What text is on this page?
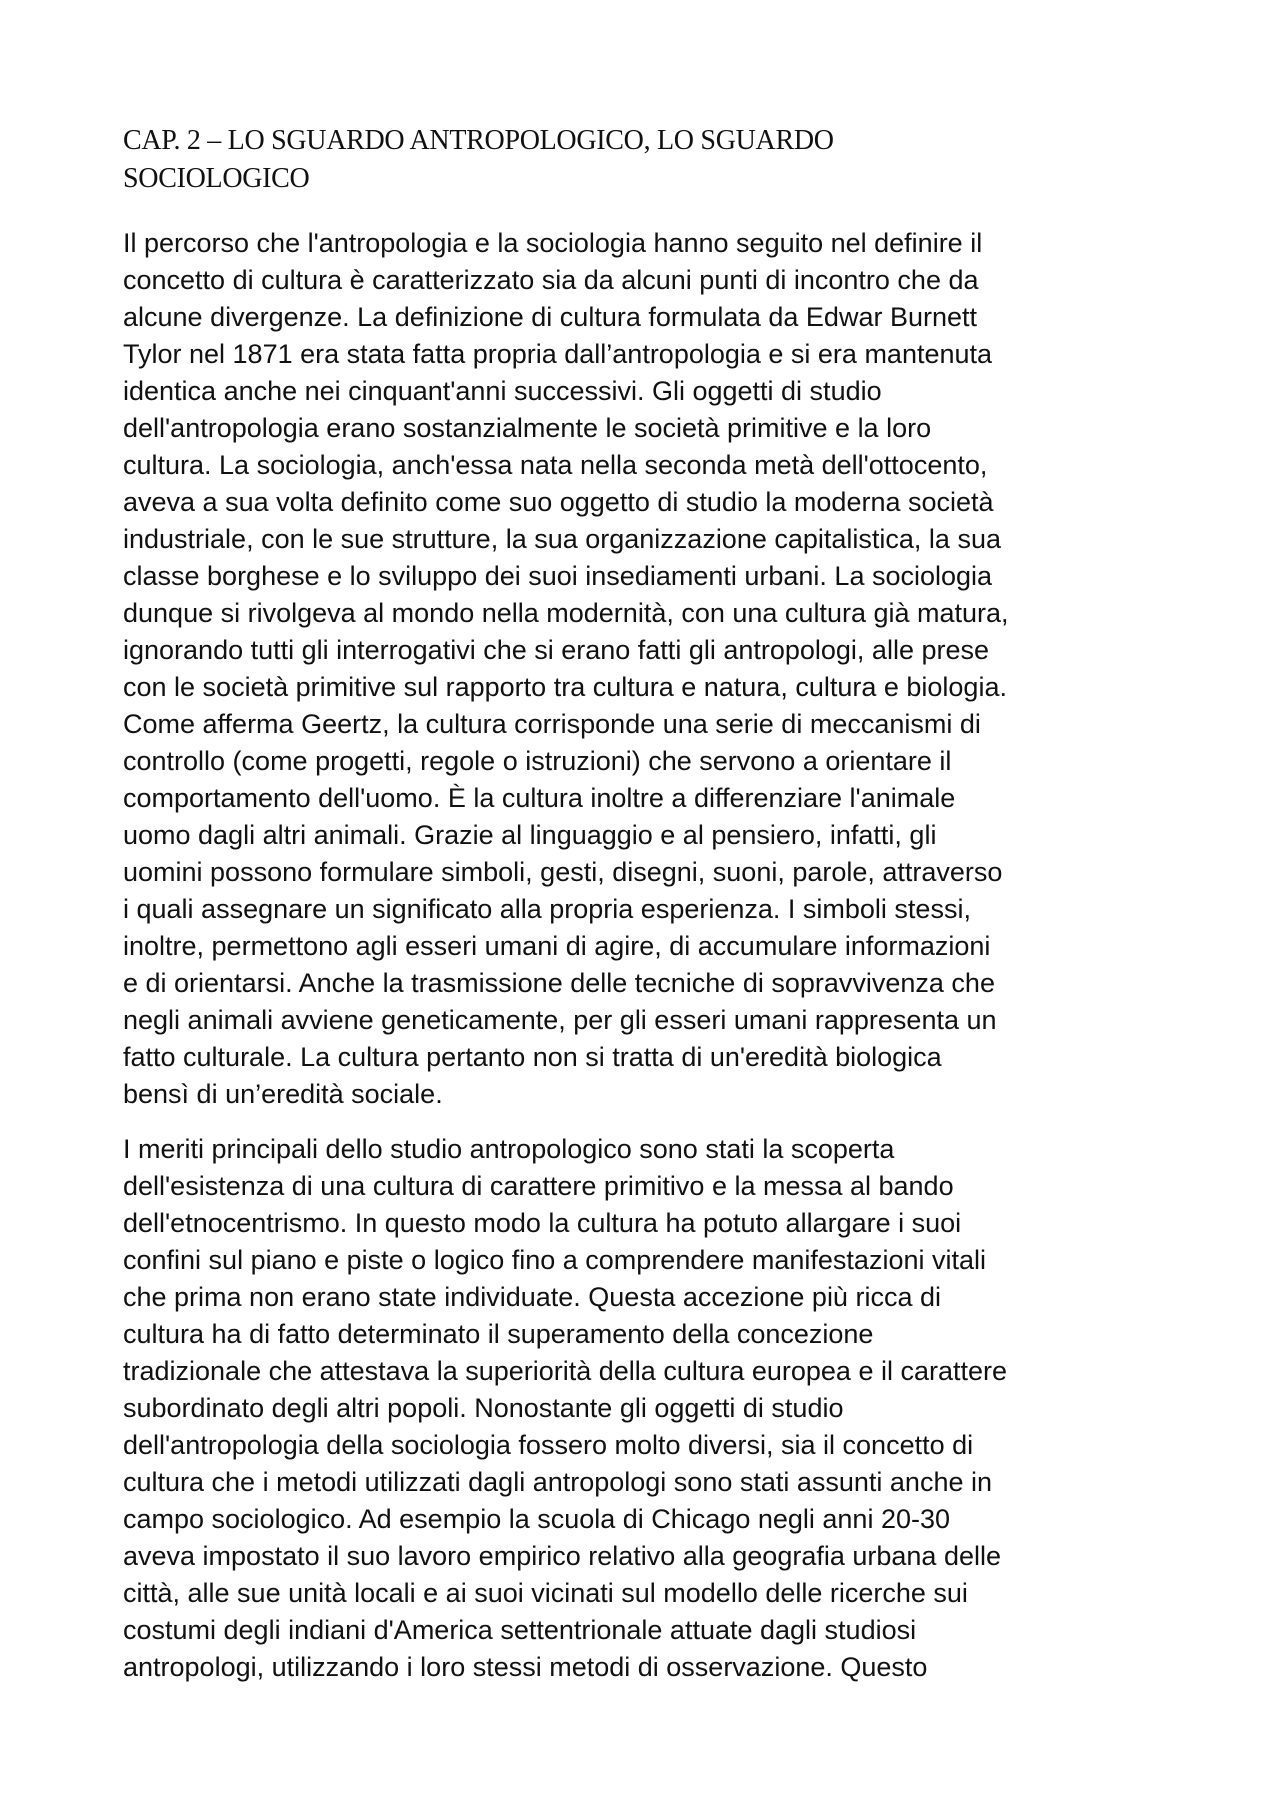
CAP. 2 – LO SGUARDO ANTROPOLOGICO, LO SGUARDO
SOCIOLOGICO

Il percorso che l'antropologia e la sociologia hanno seguito nel definire il
concetto di cultura è caratterizzato sia da alcuni punti di incontro che da
alcune divergenze. La definizione di cultura formulata da Edwar Burnett
Tylor nel 1871 era stata fatta propria dall’antropologia e si era mantenuta
identica anche nei cinquant'anni successivi. Gli oggetti di studio
dell'antropologia erano sostanzialmente le società primitive e la loro
cultura. La sociologia, anch'essa nata nella seconda metà dell'ottocento,
aveva a sua volta definito come suo oggetto di studio la moderna società
industriale, con le sue strutture, la sua organizzazione capitalistica, la sua
classe borghese e lo sviluppo dei suoi insediamenti urbani. La sociologia
dunque si rivolgeva al mondo nella modernità, con una cultura già matura,
ignorando tutti gli interrogativi che si erano fatti gli antropologi, alle prese
con le società primitive sul rapporto tra cultura e natura, cultura e biologia.
Come afferma Geertz, la cultura corrisponde una serie di meccanismi di
controllo (come progetti, regole o istruzioni) che servono a orientare il
comportamento dell'uomo. È la cultura inoltre a differenziare l'animale
uomo dagli altri animali. Grazie al linguaggio e al pensiero, infatti, gli
uomini possono formulare simboli, gesti, disegni, suoni, parole, attraverso
i quali assegnare un significato alla propria esperienza. I simboli stessi,
inoltre, permettono agli esseri umani di agire, di accumulare informazioni
e di orientarsi. Anche la trasmissione delle tecniche di sopravvivenza che
negli animali avviene geneticamente, per gli esseri umani rappresenta un
fatto culturale. La cultura pertanto non si tratta di un'eredità biologica
bensì di un’eredità sociale.

I meriti principali dello studio antropologico sono stati la scoperta
dell'esistenza di una cultura di carattere primitivo e la messa al bando
dell'etnocentrismo. In questo modo la cultura ha potuto allargare i suoi
confini sul piano e piste o logico fino a comprendere manifestazioni vitali
che prima non erano state individuate. Questa accezione più ricca di
cultura ha di fatto determinato il superamento della concezione
tradizionale che attestava la superiorità della cultura europea e il carattere
subordinato degli altri popoli. Nonostante gli oggetti di studio
dell'antropologia della sociologia fossero molto diversi, sia il concetto di
cultura che i metodi utilizzati dagli antropologi sono stati assunti anche in
campo sociologico. Ad esempio la scuola di Chicago negli anni 20-30
aveva impostato il suo lavoro empirico relativo alla geografia urbana delle
città, alle sue unità locali e ai suoi vicinati sul modello delle ricerche sui
costumi degli indiani d'America settentrionale attuate dagli studiosi
antropologi, utilizzando i loro stessi metodi di osservazione. Questo
